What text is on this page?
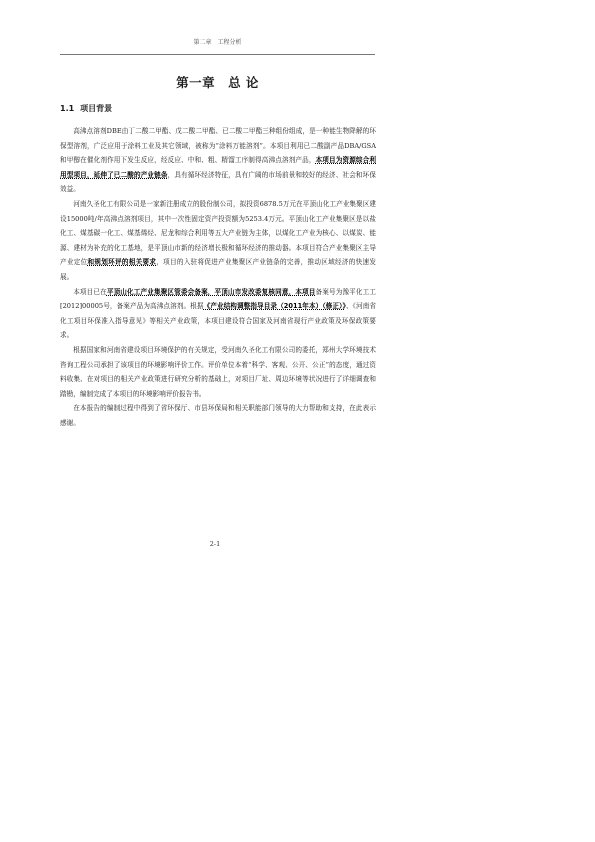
第二章　工程分析
第一章　总 论
1.1 项目背景

高沸点溶剂DBE由丁二酸二甲酯、戊二酸二甲酯、已二酸二甲酯三种组份组成，是一种能生物降解的环保型溶剂，广泛应用于涂料工业及其它领域，被称为“涂料万能溶剂”。本项目利用已二酸副产品DBA/GSA和甲醇在催化剂作用下发生反应，经反应、中和、粗、精馏工序制得高沸点溶剂产品，本项目为资源综合利用型项目，延伸了已二酸的产业链条，具有循环经济特征，具有广阔的市场前景和较好的经济、社会和环保效益。

河南久圣化工有限公司是一家新注册成立的股份制公司，拟投资6878.5万元在平顶山化工产业集聚区建设15000吨/年高沸点溶剂项目，其中一次性固定资产投资额为5253.4万元。平顶山化工产业集聚区是以盐化工、煤基碳一化工、煤基烯烃、尼龙和综合利用等五大产业链为主体，以煤化工产业为核心、以煤炭、能源、建材为补充的化工基地，是平顶山市新的经济增长极和循环经济的推动器。本项目符合产业集聚区主导产业定位和规划环评的相关要求，项目的入驻将促进产业集聚区产业链条的完善，推动区域经济的快速发展。

本项目已在平顶山化工产业集聚区管委会备案，平顶山市发改委复核同意，本项目备案号为豫平化工工[2012]00005号，备案产品为高沸点溶剂。根据《产业结构调整指导目录（2011年本）（修正）》、《河南省化工项目环保准入指导意见》等相关产业政策，本项目建设符合国家及河南省现行产业政策及环保政策要求。

根据国家和河南省建设项目环境保护的有关规定，受河南久圣化工有限公司的委托，郑州大学环境技术咨询工程公司承担了该项目的环境影响评价工作。评价单位本着“科学、客观、公开、公正”的态度，通过资料收集、在对项目的相关产业政策进行研究分析的基础上，对项目厂址、周边环境等状况进行了详细调查和踏勘，编制完成了本项目的环境影响评价报告书。

在本报告的编制过程中得到了省环保厅、市县环保局和相关职能部门领导的大力帮助和支持，在此表示感谢。

2-1
